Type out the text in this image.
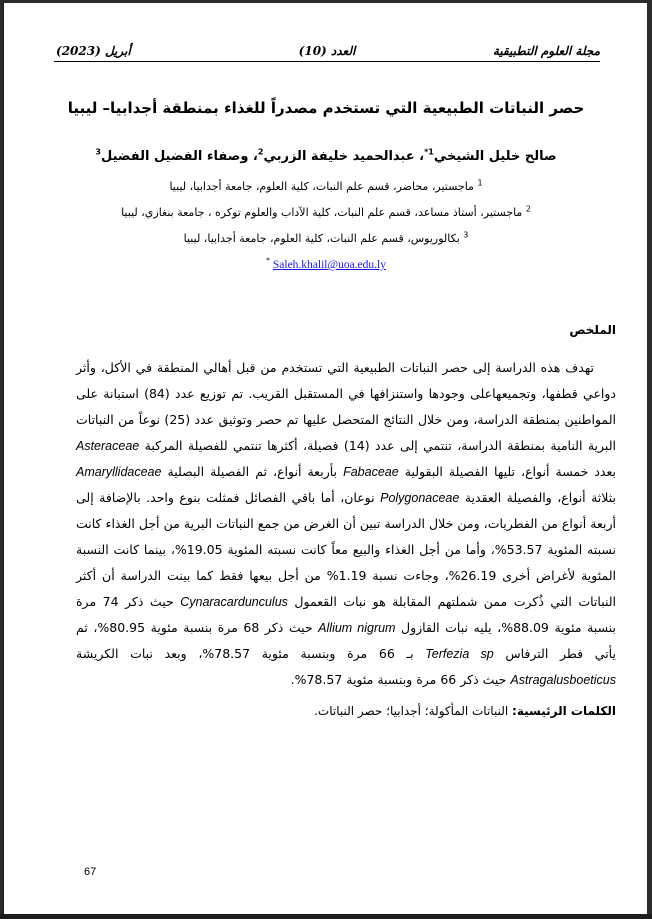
مجلة العلوم التطبيقية
العدد (10)
أبريل (2023)
حصر النباتات الطبيعية التي تستخدم مصدراً للغذاء بمنطقة أجدابيا– ليبيا
صالح خليل الشيخي$^{1*}$، عبدالحميد خليفة الزربي$^2$، وصفاء الفضيل الفضيل$^3$
$^1$ ماجستير، محاضر، قسم علم النبات، كلية العلوم، جامعة أجدابيا، ليبيا
$^2$ ماجستير، أستاذ مساعد، قسم علم النبات، كلية الآداب والعلوم توكره ، جامعة بنغازي، ليبيا
$^3$ بكالوريوس، قسم علم النبات، كلية العلوم، جامعة أجدابيا، ليبيا
* Saleh.khalil@uoa.edu.ly
الملخص

تهدف هذه الدراسة إلى حصر النباتات الطبيعية التي تستخدم من قبل أهالي المنطقة في الأكل، وأثر دواعي قطفها، وتجميعهاعلى وجودها واستنزافها في المستقبل القريب. تم توزيع عدد (84) استبانة على المواطنين بمنطقة الدراسة، ومن خلال النتائج المتحصل عليها تم حصر وتوثيق عدد (25) نوعاً من النباتات البرية النامية بمنطقة الدراسة، تنتمي إلى عدد (14) فصيلة، أكثرها تنتمي للفصيلة المركبة Asteraceae بعدد خمسة أنواع، تليها الفصيلة البقولية Fabaceae بأربعة أنواع، ثم الفصيلة البصلية Amaryllidaceae بثلاثة أنواع، والفصيلة العقدية Polygonaceae نوعان، أما باقي الفصائل فمثلت بنوع واحد. بالإضافة إلى أربعة أنواع من الفطريات، ومن خلال الدراسة تبين أن الغرض من جمع النباتات البرية من أجل الغذاء كانت نسبته المئوية 53.57%، وأما من أجل الغذاء والبيع معاً كانت نسبته المئوية 19.05%، بينما كانت النسبة المئوية لأغراض أخرى 26.19%، وجاءت نسبة 1.19% من أجل بيعها فقط كما بينت الدراسة أن أكثر النباتات التي ذُكرت ممن شملتهم المقابلة هو نبات القعمول Cynaracardunculus حيث ذكر 74 مرة بنسبة مئوية 88.09%، يليه نبات القازول Allium nigrum حيث ذكر 68 مرة بنسبة مئوية 80.95%، ثم يأتي فطر الترفاس Terfezia sp بـ 66 مرة وبنسبة مئوية 78.57%، وبعد نبات الكريشة Astragalusboeticus حيث ذكر 66 مرة وبنسبة مئوية 78.57%.

الكلمات الرئيسية: النباتات المأكولة؛ أجدابيا؛ حصر النباتات.
67
